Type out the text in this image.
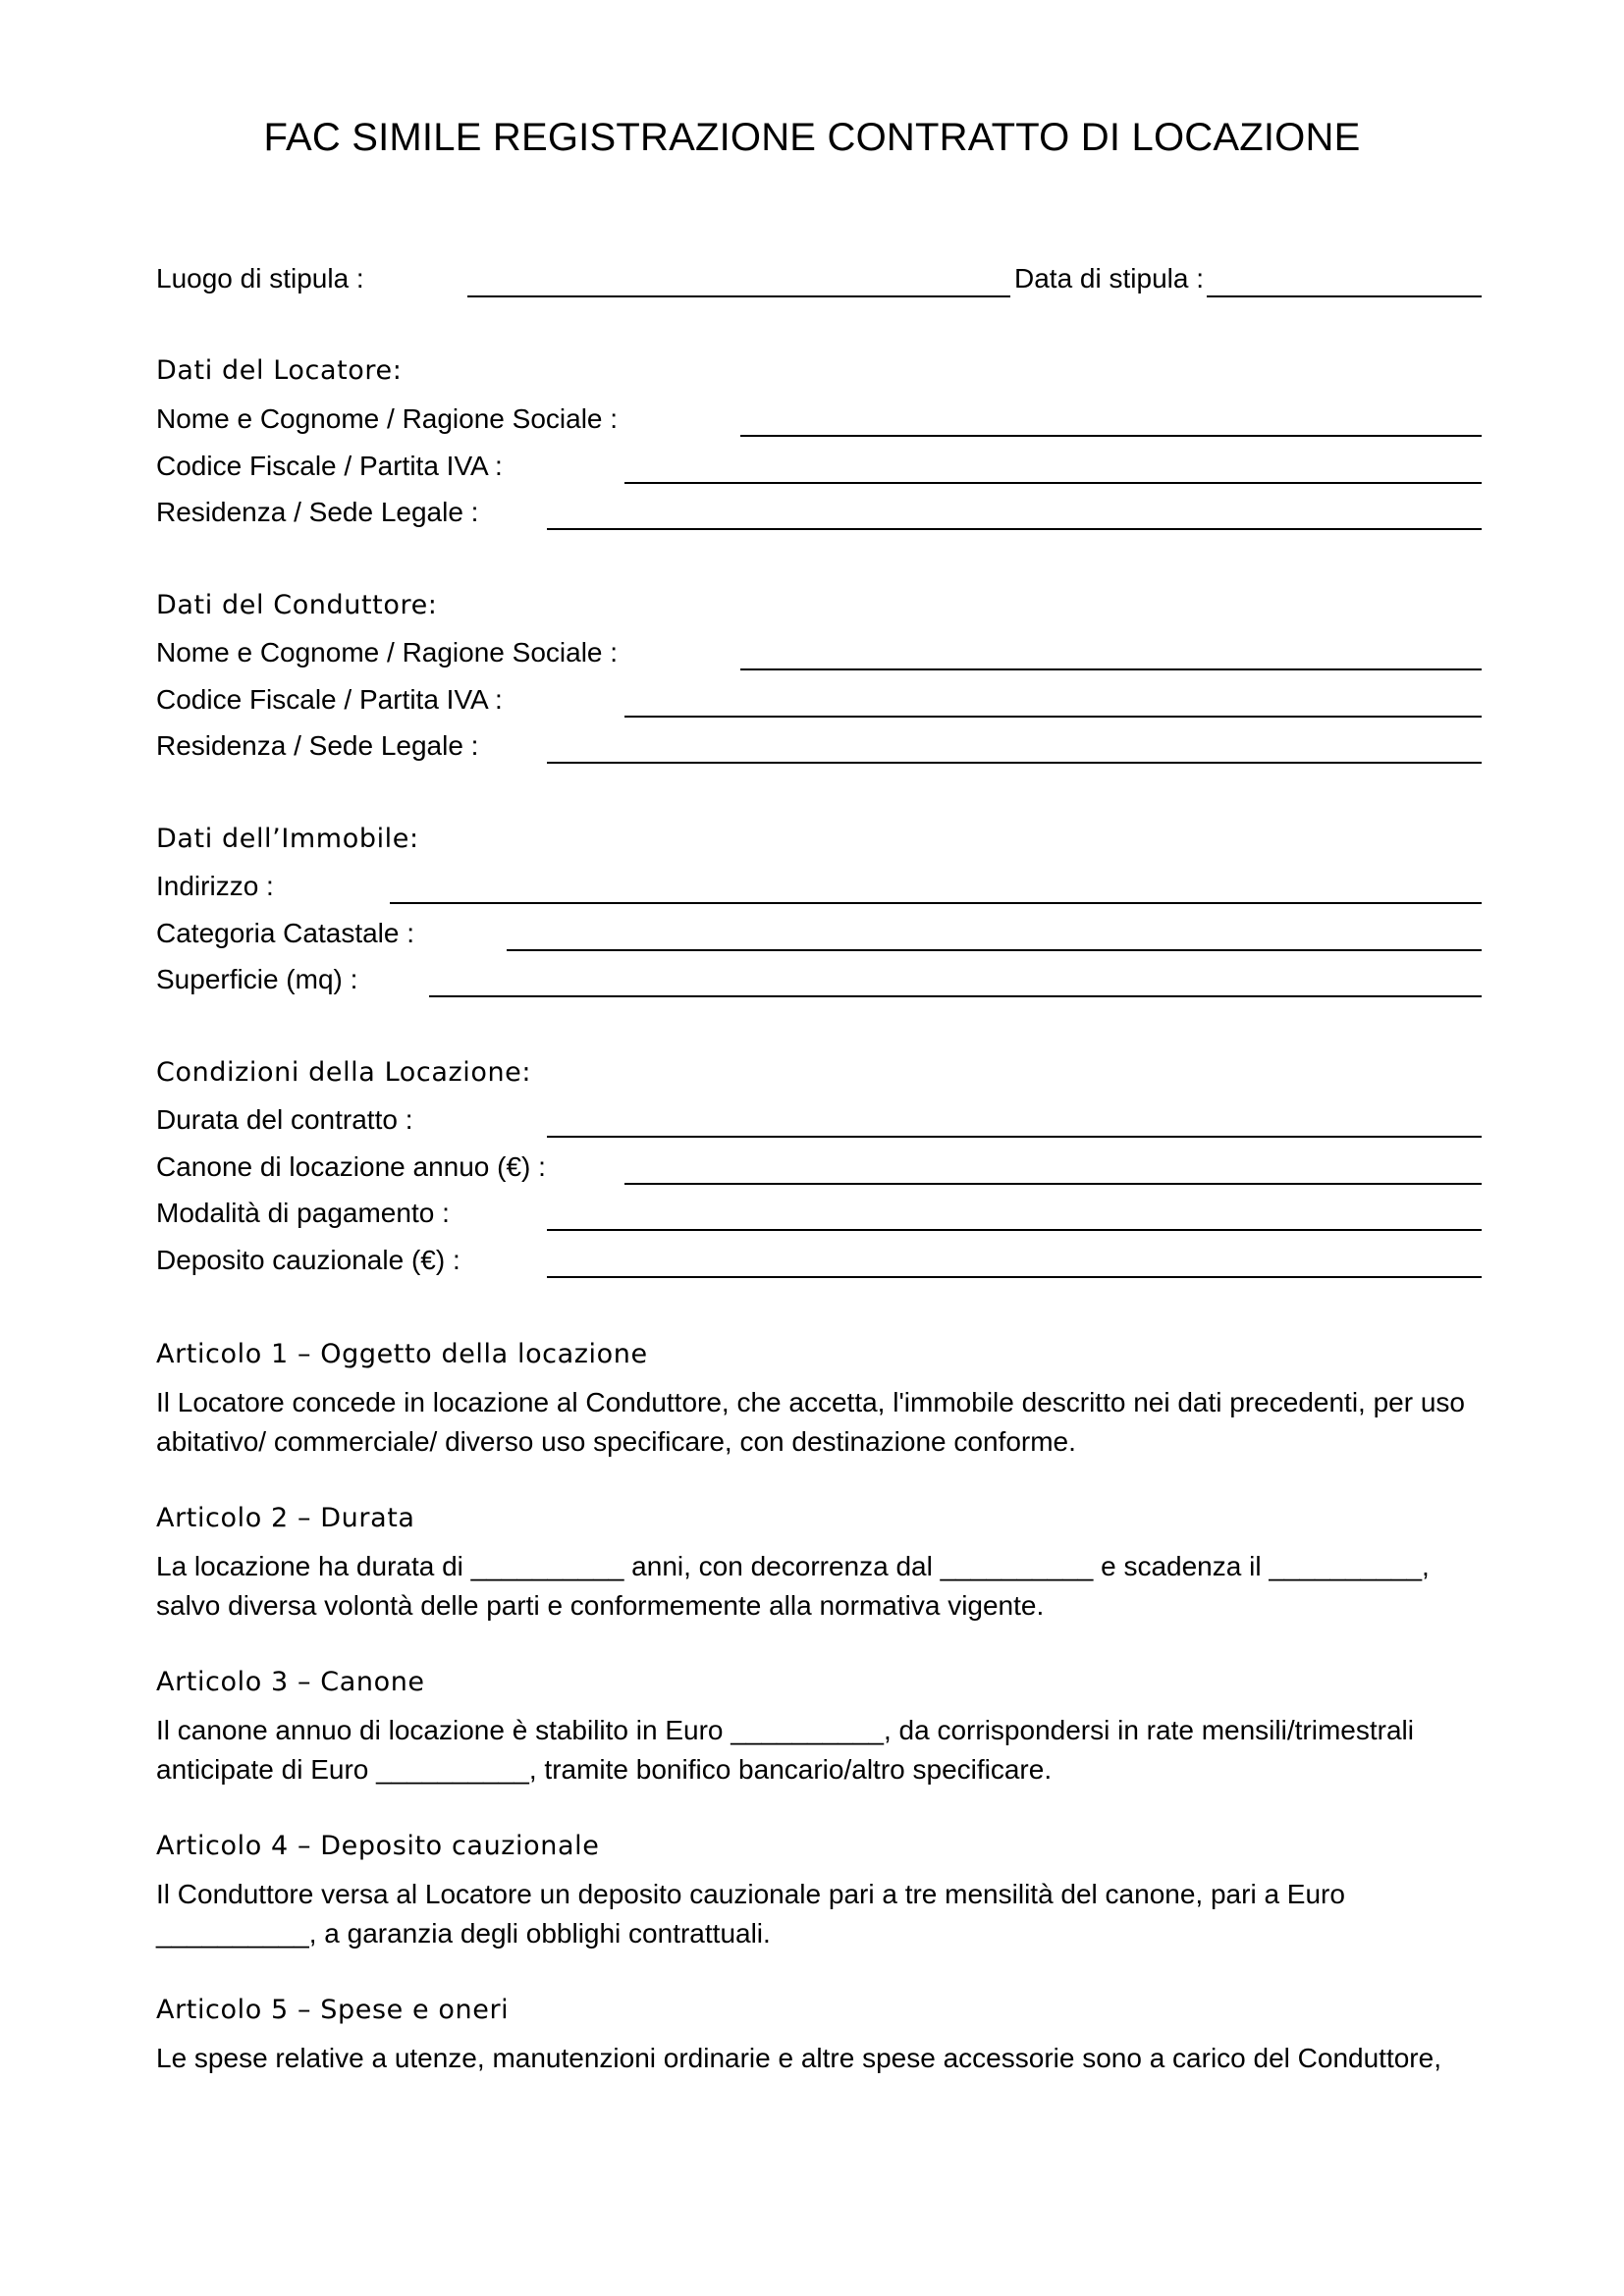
FAC SIMILE REGISTRAZIONE CONTRATTO DI LOCAZIONE
Luogo di stipula :	Data di stipula :
Dati del Locatore:
Nome e Cognome / Ragione Sociale :
Codice Fiscale / Partita IVA :
Residenza / Sede Legale :
Dati del Conduttore:
Nome e Cognome / Ragione Sociale :
Codice Fiscale / Partita IVA :
Residenza / Sede Legale :
Dati dell’Immobile:
Indirizzo :
Categoria Catastale :
Superficie (mq) :
Condizioni della Locazione:
Durata del contratto :
Canone di locazione annuo (€) :
Modalità di pagamento :
Deposito cauzionale (€) :
Articolo 1 – Oggetto della locazione
Il Locatore concede in locazione al Conduttore, che accetta, l'immobile descritto nei dati precedenti, per uso abitativo/ commerciale/ diverso uso specificare, con destinazione conforme.
Articolo 2 – Durata
La locazione ha durata di __________ anni, con decorrenza dal __________ e scadenza il __________, salvo diversa volontà delle parti e conformemente alla normativa vigente.
Articolo 3 – Canone
Il canone annuo di locazione è stabilito in Euro __________, da corrispondersi in rate mensili/trimestrali anticipate di Euro __________, tramite bonifico bancario/altro specificare.
Articolo 4 – Deposito cauzionale
Il Conduttore versa al Locatore un deposito cauzionale pari a tre mensilità del canone, pari a Euro __________, a garanzia degli obblighi contrattuali.
Articolo 5 – Spese e oneri
Le spese relative a utenze, manutenzioni ordinarie e altre spese accessorie sono a carico del Conduttore,
